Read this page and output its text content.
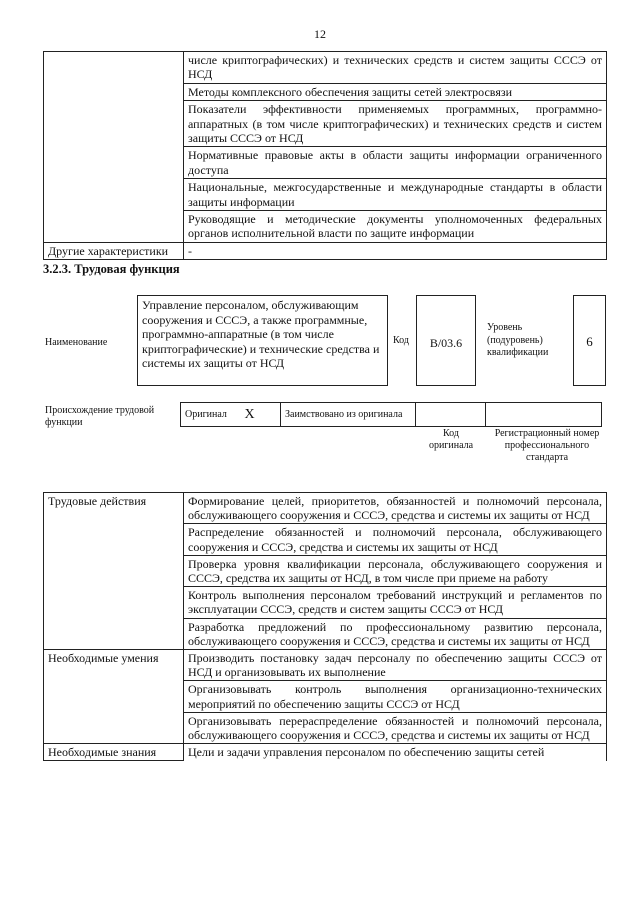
12
	числе криптографических) и технических средств и систем защиты СССЭ от НСД
	Методы комплексного обеспечения защиты сетей электросвязи
	Показатели эффективности применяемых программных, программно-аппаратных (в том числе криптографических) и технических средств и систем защиты СССЭ от НСД
	Нормативные правовые акты в области защиты информации ограниченного доступа
	Национальные, межгосударственные и международные стандарты в области защиты информации
	Руководящие и методические документы уполномоченных федеральных органов исполнительной власти по защите информации
Другие характеристики	-
3.2.3. Трудовая функция
Наименование
Управление персоналом, обслуживающим сооружения и СССЭ, а также программные, программно-аппаратные (в том числе криптографические) и технические средства и системы их защиты от НСД
Код	B/03.6
Уровень (подуровень) квалификации
6
Происхождение трудовой функции
Оригинал	X	Заимствовано из оригинала		
Код оригинала
Регистрационный номер профессионального стандарта
Трудовые действия	Формирование целей, приоритетов, обязанностей и полномочий персонала, обслуживающего сооружения и СССЭ, средства и системы их защиты от НСД
	Распределение обязанностей и полномочий персонала, обслуживающего сооружения и СССЭ, средства и системы их защиты от НСД
	Проверка уровня квалификации персонала, обслуживающего сооружения и СССЭ, средства их защиты от НСД, в том числе при приеме на работу
	Контроль выполнения персоналом требований инструкций и регламентов по эксплуатации СССЭ, средств и систем защиты СССЭ от НСД
	Разработка предложений по профессиональному развитию персонала, обслуживающего сооружения и СССЭ, средства и системы их защиты от НСД
Необходимые умения	Производить постановку задач персоналу по обеспечению защиты СССЭ от НСД и организовывать их выполнение
	Организовывать контроль выполнения организационно-технических мероприятий по обеспечению защиты СССЭ от НСД
	Организовывать перераспределение обязанностей и полномочий персонала, обслуживающего сооружения и СССЭ, средства и системы их защиты от НСД
Необходимые знания	Цели и задачи управления персоналом по обеспечению защиты сетей
